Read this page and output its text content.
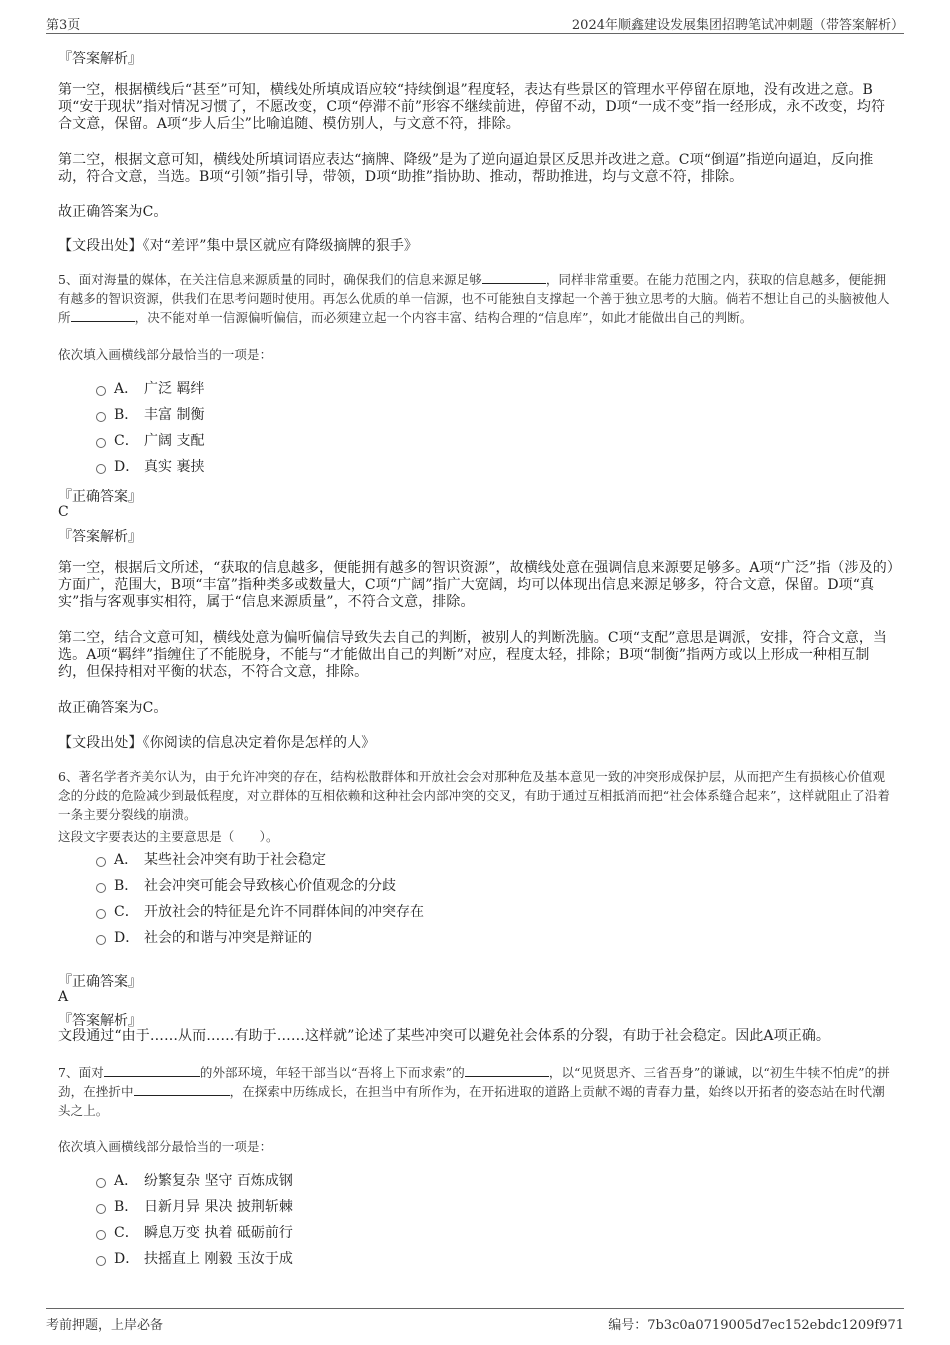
第3页	2024年顺鑫建设发展集团招聘笔试冲刺题（带答案解析）
『答案解析』
第一空，根据横线后“甚至”可知，横线处所填成语应较“持续倒退”程度轻，表达有些景区的管理水平停留在原地，没有改进之意。B项“安于现状”指对情况习惯了，不愿改变，C项“停滞不前”形容不继续前进，停留不动，D项“一成不变”指一经形成，永不改变，均符合文意，保留。A项“步人后尘”比喻追随、模仿别人，与文意不符，排除。
第二空，根据文意可知，横线处所填词语应表达“摘牌、降级”是为了逆向逼迫景区反思并改进之意。C项“倒逼”指逆向逼迫，反向推动，符合文意，当选。B项“引领”指引导，带领，D项“助推”指协助、推动，帮助推进，均与文意不符，排除。
故正确答案为C。
【文段出处】《对“差评”集中景区就应有降级摘牌的狠手》
5、面对海量的媒体，在关注信息来源质量的同时，确保我们的信息来源足够	，同样非常重要。在能力范围之内，获取的信息越多，便能拥有越多的智识资源，供我们在思考问题时使用。再怎么优质的单一信源，也不可能独自支撑起一个善于独立思考的大脑。倘若不想让自己的头脑被他人所	，决不能对单一信源偏听偏信，而必须建立起一个内容丰富、结构合理的“信息库”，如此才能做出自己的判断。
依次填入画横线部分最恰当的一项是：
A． 广泛 羁绊
B． 丰富 制衡
C． 广阔 支配
D． 真实 裹挟
『正确答案』
C
『答案解析』
第一空，根据后文所述，“获取的信息越多，便能拥有越多的智识资源”，故横线处意在强调信息来源要足够多。A项“广泛”指（涉及的）方面广，范围大，B项“丰富”指种类多或数量大，C项“广阔”指广大宽阔，均可以体现出信息来源足够多，符合文意，保留。D项“真实”指与客观事实相符，属于“信息来源质量”，不符合文意，排除。
第二空，结合文意可知，横线处意为偏听偏信导致失去自己的判断，被别人的判断洗脑。C项“支配”意思是调派，安排，符合文意，当选。A项“羁绊”指缠住了不能脱身，不能与“才能做出自己的判断”对应，程度太轻，排除；B项“制衡”指两方或以上形成一种相互制约，但保持相对平衡的状态，不符合文意，排除。
故正确答案为C。
【文段出处】《你阅读的信息决定着你是怎样的人》
6、著名学者齐美尔认为，由于允许冲突的存在，结构松散群体和开放社会会对那种危及基本意见一致的冲突形成保护层，从而把产生有损核心价值观念的分歧的危险减少到最低程度，对立群体的互相依赖和这种社会内部冲突的交叉，有助于通过互相抵消而把“社会体系缝合起来”，这样就阻止了沿着一条主要分裂线的崩溃。
这段文字要表达的主要意思是（　　）。
A． 某些社会冲突有助于社会稳定
B． 社会冲突可能会导致核心价值观念的分歧
C． 开放社会的特征是允许不同群体间的冲突存在
D． 社会的和谐与冲突是辩证的
『正确答案』
A
『答案解析』
文段通过“由于……从而……有助于……这样就”论述了某些冲突可以避免社会体系的分裂，有助于社会稳定。因此A项正确。
7、面对	的外部环境，年轻干部当以“吾将上下而求索”的	，以“见贤思齐、三省吾身”的谦诚，以“初生牛犊不怕虎”的拼劲，在挫折中	，在探索中历练成长，在担当中有所作为，在开拓进取的道路上贡献不竭的青春力量，始终以开拓者的姿态站在时代潮头之上。
依次填入画横线部分最恰当的一项是：
A． 纷繁复杂 坚守 百炼成钢
B． 日新月异 果决 披荆斩棘
C． 瞬息万变 执着 砥砺前行
D． 扶摇直上 刚毅 玉汝于成
考前押题，上岸必备	编号：7b3c0a0719005d7ec152ebdc1209f971
